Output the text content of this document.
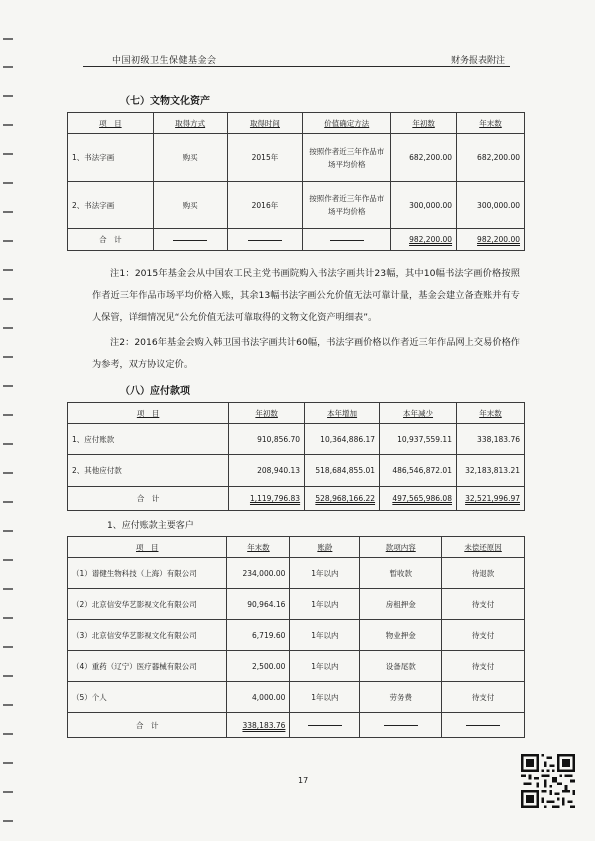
中国初级卫生保健基金会	财务报表附注
（七）文物文化资产
项　目	取得方式	取得时间	价值确定方法	年初数	年末数
1、书法字画	购买	2015年	按照作者近三年作品市场平均价格	682,200.00	682,200.00
2、书法字画	购买	2016年	按照作者近三年作品市场平均价格	300,000.00	300,000.00
合　计				982,200.00	982,200.00
注1：2015年基金会从中国农工民主党书画院购入书法字画共计23幅，其中10幅书法字画价格按照作者近三年作品市场平均价格入账，其余13幅书法字画公允价值无法可靠计量，基金会建立备查账并有专人保管，详细情况见“公允价值无法可靠取得的文物文化资产明细表”。
注2：2016年基金会购入韩卫国书法字画共计60幅，书法字画价格以作者近三年作品网上交易价格作为参考，双方协议定价。
（八）应付款项
项　目	年初数	本年增加	本年减少	年末数
1、应付账款	910,856.70	10,364,886.17	10,937,559.11	338,183.76
2、其他应付款	208,940.13	518,684,855.01	486,546,872.01	32,183,813.21
合　计	1,119,796.83	528,968,166.22	497,565,986.08	32,521,996.97
1、应付账款主要客户
项　目	年末数	账龄	款项内容	未偿还原因
（1）谱健生物科技（上海）有限公司	234,000.00	1年以内	暂收款	待退款
（2）北京信安华艺影视文化有限公司	90,964.16	1年以内	房租押金	待支付
（3）北京信安华艺影视文化有限公司	6,719.60	1年以内	物业押金	待支付
（4）重药（辽宁）医疗器械有限公司	2,500.00	1年以内	设备尾款	待支付
（5）个人	4,000.00	1年以内	劳务费	待支付
合　计	338,183.76			
17
